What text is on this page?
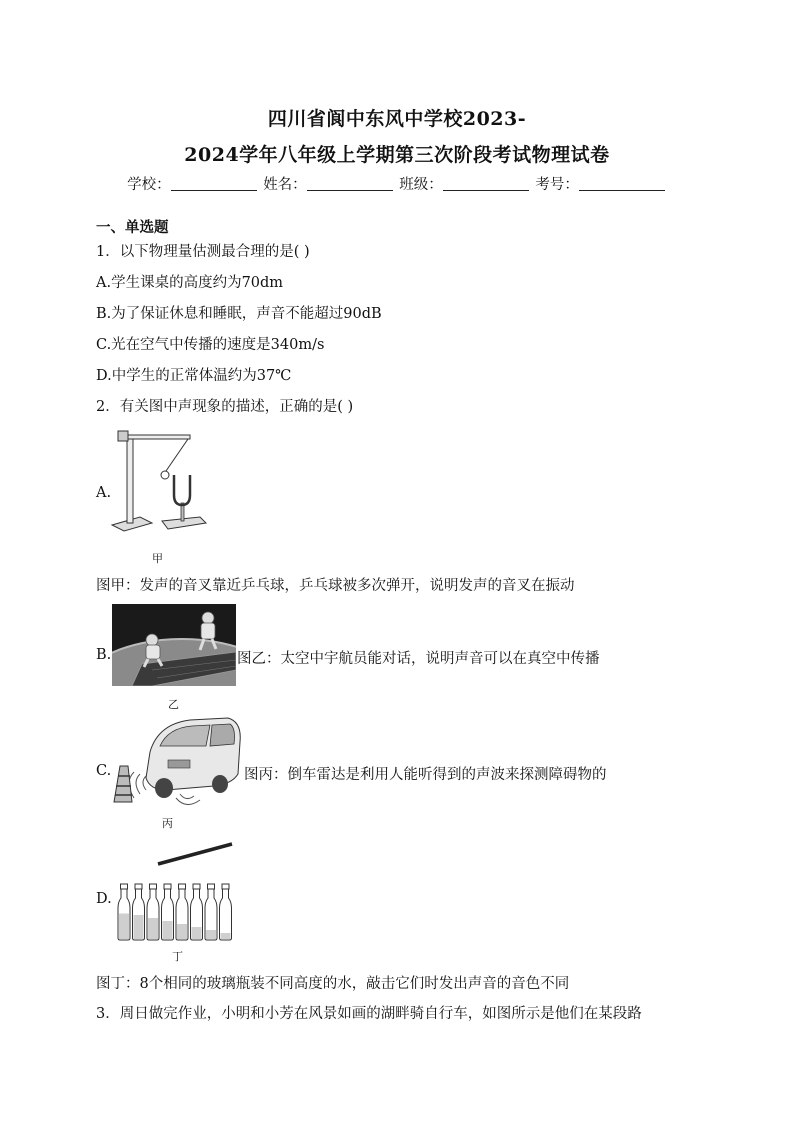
四川省阆中东风中学校2023-
2024学年八年级上学期第三次阶段考试物理试卷
学校：	姓名：	班级：	考号：
一、单选题
1．以下物理量估测最合理的是( )
A.学生课桌的高度约为70dm
B.为了保证休息和睡眠，声音不能超过90dB
C.光在空气中传播的速度是340m/s
D.中学生的正常体温约为37℃
2．有关图中声现象的描述，正确的是( )
A.
甲
图甲：发声的音叉靠近乒乓球，乒乓球被多次弹开，说明发声的音叉在振动
B.	图乙：太空中宇航员能对话，说明声音可以在真空中传播
乙
C.	图丙：倒车雷达是利用人能听得到的声波来探测障碍物的
丙
D.
丁
图丁：8个相同的玻璃瓶装不同高度的水，敲击它们时发出声音的音色不同
3．周日做完作业，小明和小芳在风景如画的湖畔骑自行车，如图所示是他们在某段路
